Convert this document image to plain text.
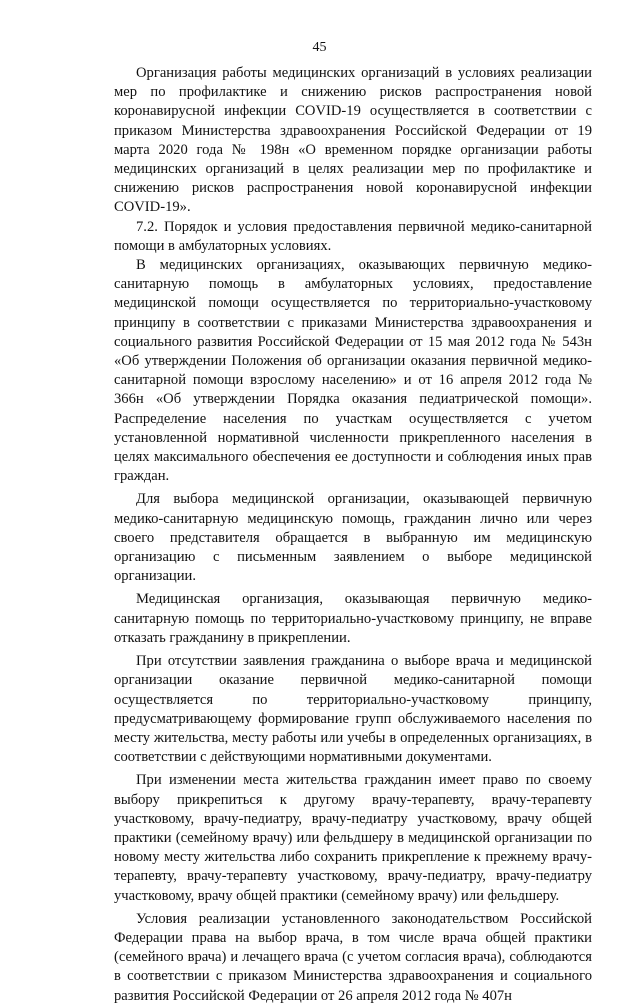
45

Организация работы медицинских организаций в условиях реализации мер по профилактике и снижению рисков распространения новой коронавирусной инфекции COVID-19 осуществляется в соответствии с приказом Министерства здравоохранения Российской Федерации от 19 марта 2020 года № 198н «О временном порядке организации работы медицинских организаций в целях реализации мер по профилактике и снижению рисков распространения новой коронавирусной инфекции COVID-19».

7.2. Порядок и условия предоставления первичной медико-санитарной помощи в амбулаторных условиях.

В медицинских организациях, оказывающих первичную медико-санитарную помощь в амбулаторных условиях, предоставление медицинской помощи осуществляется по территориально-участковому принципу в соответствии с приказами Министерства здравоохранения и социального развития Российской Федерации от 15 мая 2012 года № 543н «Об утверждении Положения об организации оказания первичной медико-санитарной помощи взрослому населению» и от 16 апреля 2012 года № 366н «Об утверждении Порядка оказания педиатрической помощи». Распределение населения по участкам осуществляется с учетом установленной нормативной численности прикрепленного населения в целях максимального обеспечения ее доступности и соблюдения иных прав граждан.

Для выбора медицинской организации, оказывающей первичную медико-санитарную медицинскую помощь, гражданин лично или через своего представителя обращается в выбранную им медицинскую организацию с письменным заявлением о выборе медицинской организации.

Медицинская организация, оказывающая первичную медико-санитарную помощь по территориально-участковому принципу, не вправе отказать гражданину в прикреплении.

При отсутствии заявления гражданина о выборе врача и медицинской организации оказание первичной медико-санитарной помощи осуществляется по территориально-участковому принципу, предусматривающему формирование групп обслуживаемого населения по месту жительства, месту работы или учебы в определенных организациях, в соответствии с действующими нормативными документами.

При изменении места жительства гражданин имеет право по своему выбору прикрепиться к другому врачу-терапевту, врачу-терапевту участковому, врачу-педиатру, врачу-педиатру участковому, врачу общей практики (семейному врачу) или фельдшеру в медицинской организации по новому месту жительства либо сохранить прикрепление к прежнему врачу-терапевту, врачу-терапевту участковому, врачу-педиатру, врачу-педиатру участковому, врачу общей практики (семейному врачу) или фельдшеру.

Условия реализации установленного законодательством Российской Федерации права на выбор врача, в том числе врача общей практики (семейного врача) и лечащего врача (с учетом согласия врача), соблюдаются в соответствии с приказом Министерства здравоохранения и социального развития Российской Федерации от 26 апреля 2012 года № 407н
